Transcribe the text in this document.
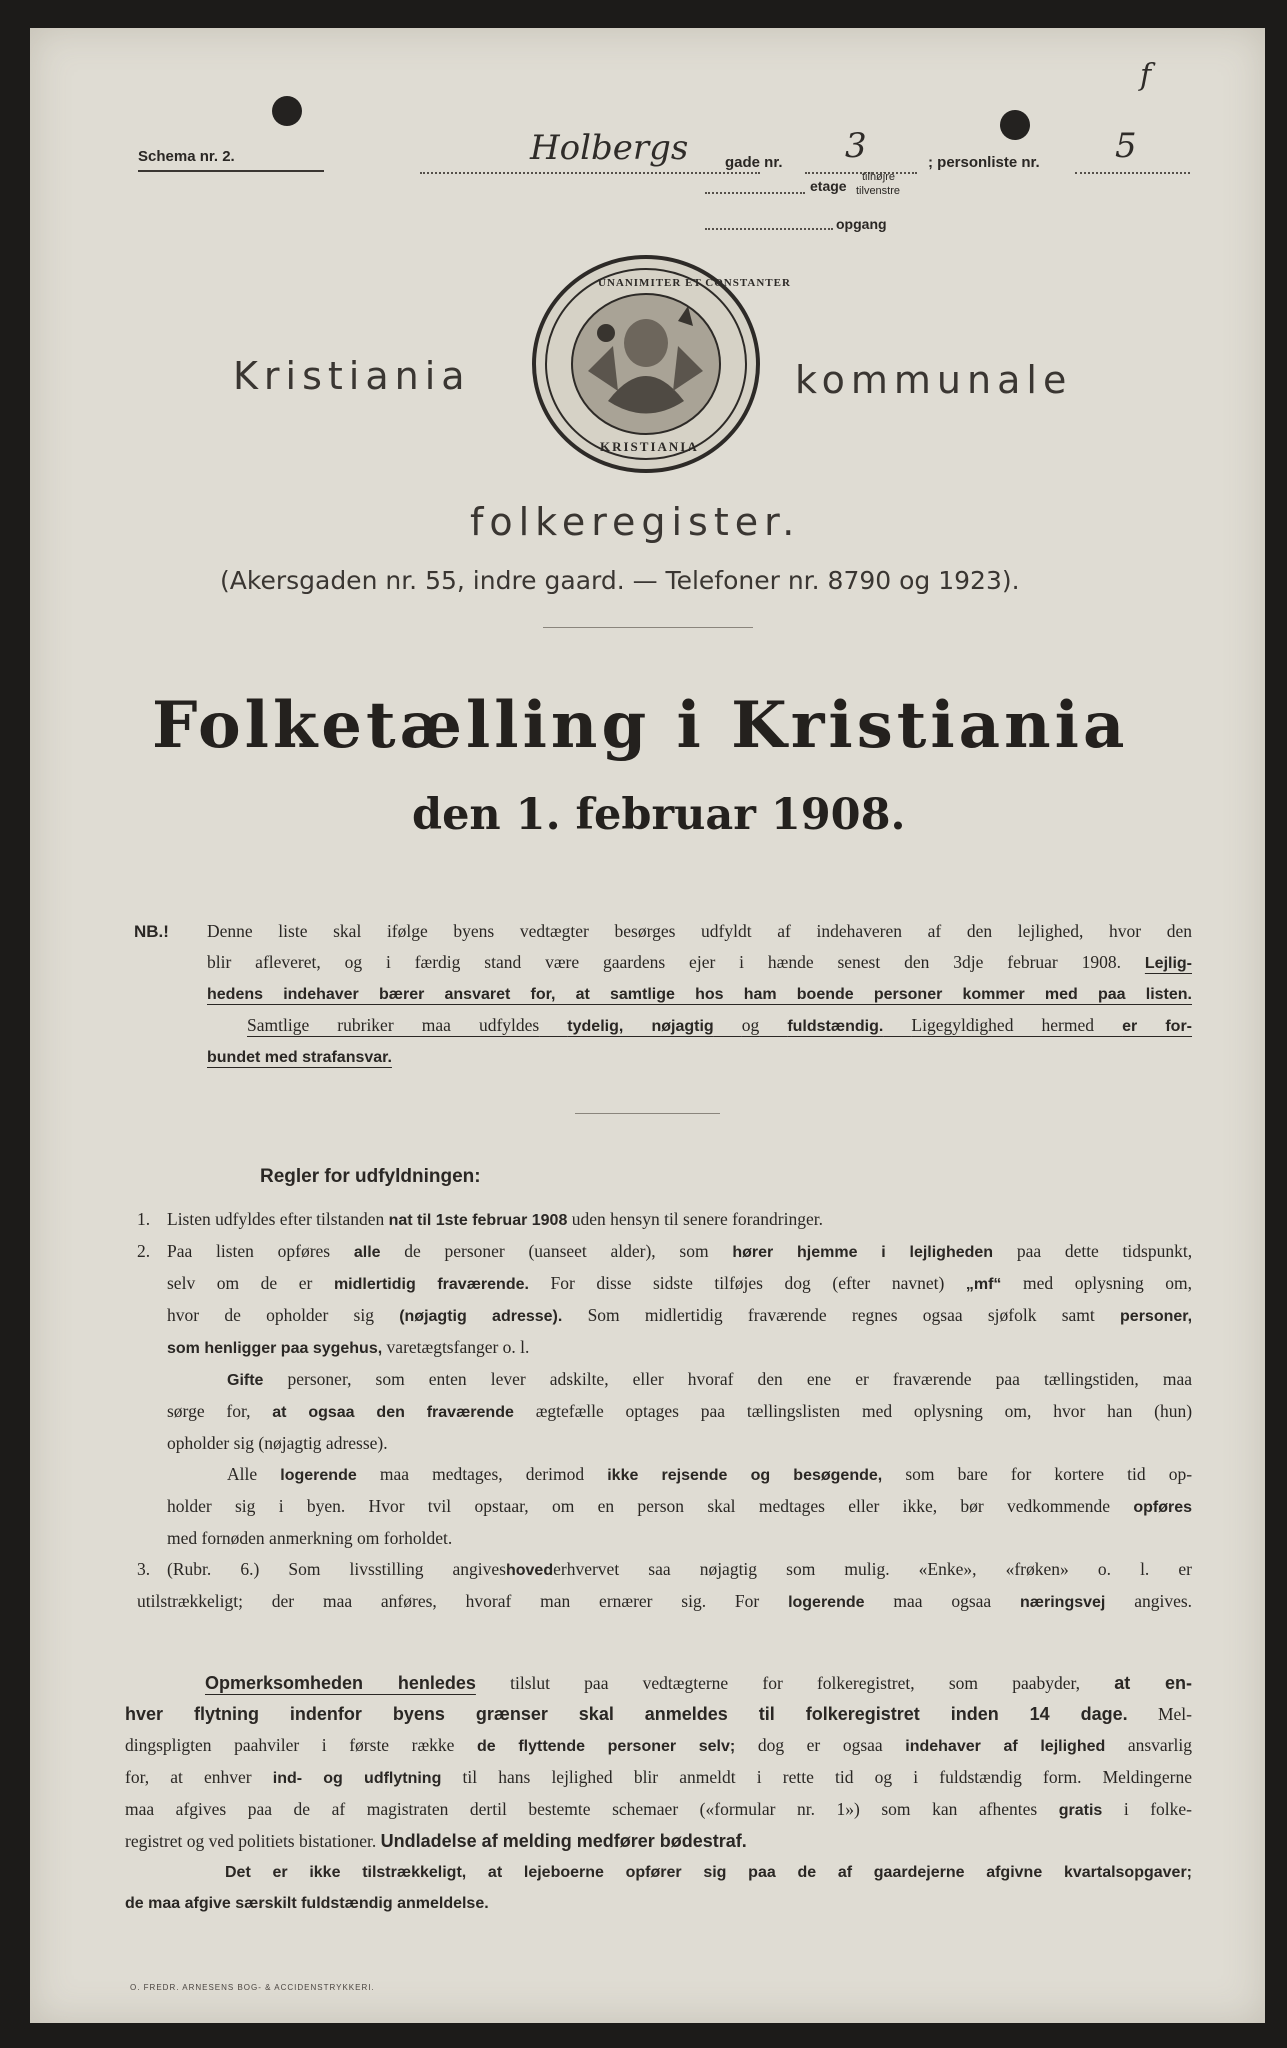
f
Schema nr. 2.	Holbergs gade nr. 3	; personliste nr. 5
etage
tilhøjre
tilvenstre
opgang
Kristiania	kommunale
UNANIMITER ET CONSTANTER
KRISTIANIA
folkeregister.
(Akersgaden nr. 55, indre gaard. — Telefoner nr. 8790 og 1923).
Folketælling i Kristiania
den 1. februar 1908.
NB.! Denne liste skal ifølge byens vedtægter besørges udfyldt af indehaveren af den lejlighed, hvor den
blir afleveret, og i færdig stand være gaardens ejer i hænde senest den 3dje februar 1908. Lejlig-
hedens indehaver bærer ansvaret for, at samtlige hos ham boende personer kommer med paa listen.
Samtlige rubriker maa udfyldes tydelig, nøjagtig og fuldstændig. Ligegyldighed hermed er for-
bundet med strafansvar.
Regler for udfyldningen:
1. Listen udfyldes efter tilstanden nat til 1ste februar 1908 uden hensyn til senere forandringer.
2. Paa listen opføres alle de personer (uanseet alder), som hører hjemme i lejligheden paa dette tidspunkt,
selv om de er midlertidig fraværende. For disse sidste tilføjes dog (efter navnet) „mf“ med oplysning om,
hvor de opholder sig (nøjagtig adresse). Som midlertidig fraværende regnes ogsaa sjøfolk samt personer,
som henligger paa sygehus, varetægtsfanger o. l.
Gifte personer, som enten lever adskilte, eller hvoraf den ene er fraværende paa tællingstiden, maa
sørge for, at ogsaa den fraværende ægtefælle optages paa tællingslisten med oplysning om, hvor han (hun)
opholder sig (nøjagtig adresse).
Alle logerende maa medtages, derimod ikke rejsende og besøgende, som bare for kortere tid op-
holder sig i byen. Hvor tvil opstaar, om en person skal medtages eller ikke, bør vedkommende opføres
med fornøden anmerkning om forholdet.
3. (Rubr. 6.) Som livsstilling angiveshovederhvervet saa nøjagtig som mulig. «Enke», «frøken» o. l. er
utilstrækkeligt; der maa anføres, hvoraf man ernærer sig. For logerende maa ogsaa næringsvej angives.
Opmerksomheden henledes tilslut paa vedtægterne for folkeregistret, som paabyder, at en-
hver flytning indenfor byens grænser skal anmeldes til folkeregistret inden 14 dage. Mel-
dingspligten paahviler i første række de flyttende personer selv; dog er ogsaa indehaver af lejlighed ansvarlig
for, at enhver ind- og udflytning til hans lejlighed blir anmeldt i rette tid og i fuldstændig form. Meldingerne
maa afgives paa de af magistraten dertil bestemte schemaer («formular nr. 1») som kan afhentes gratis i folke-
registret og ved politiets bistationer. Undladelse af melding medfører bødestraf.
Det er ikke tilstrækkeligt, at lejeboerne opfører sig paa de af gaardejerne afgivne kvartalsopgaver;
de maa afgive særskilt fuldstændig anmeldelse.
O. FREDR. ARNESENS BOG- & ACCIDENSTRYKKERI.
